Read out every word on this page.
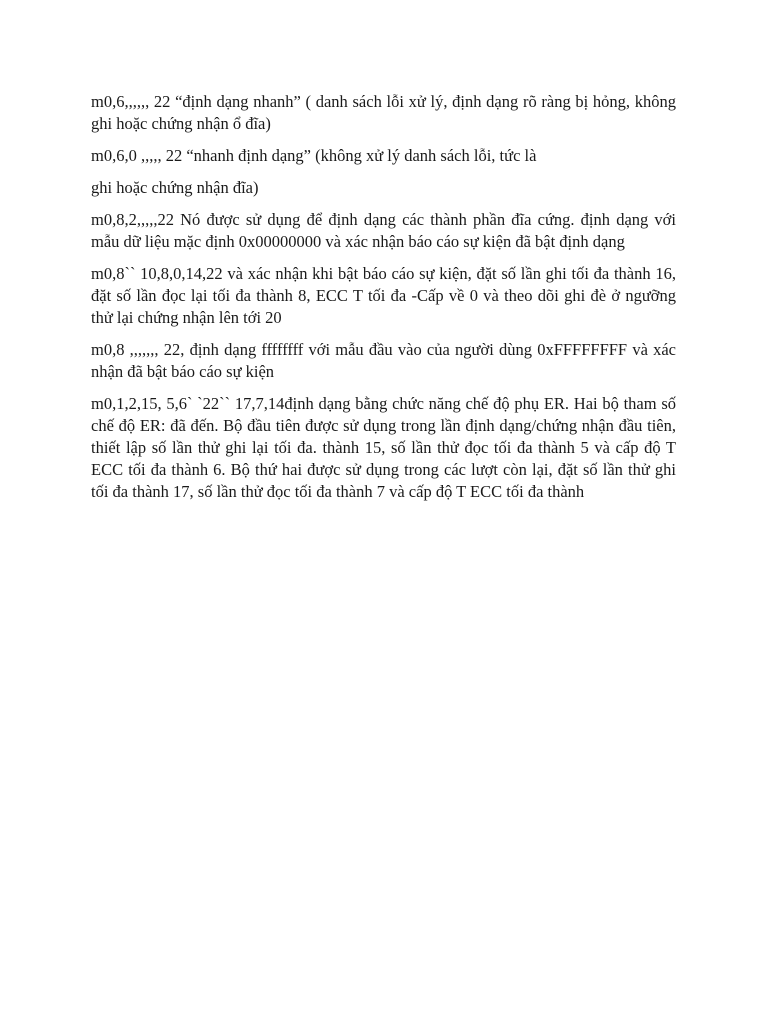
m0,6,,,,,, 22 “định dạng nhanh” ( danh sách lỗi xử lý, định dạng rõ ràng bị hỏng, không ghi hoặc chứng nhận ổ đĩa)

m0,6,0 ,,,,, 22 “nhanh định dạng” (không xử lý danh sách lỗi, tức là

ghi hoặc chứng nhận đĩa)

m0,8,2,,,,,22 Nó được sử dụng để định dạng các thành phần đĩa cứng. định dạng với mẫu dữ liệu mặc định 0x00000000 và xác nhận báo cáo sự kiện đã bật định dạng

m0,8`` 10,8,0,14,22 và xác nhận khi bật báo cáo sự kiện, đặt số lần ghi tối đa thành 16, đặt số lần đọc lại tối đa thành 8, ECC T tối đa -Cấp về 0 và theo dõi ghi đè ở ngưỡng thử lại chứng nhận lên tới 20

m0,8 ,,,,,,, 22, định dạng ffffffff với mẫu đầu vào của người dùng 0xFFFFFFFF và xác nhận đã bật báo cáo sự kiện

m0,1,2,15, 5,6` `22`` 17,7,14định dạng bằng chức năng chế độ phụ ER. Hai bộ tham số chế độ ER: đã đến. Bộ đầu tiên được sử dụng trong lần định dạng/chứng nhận đầu tiên, thiết lập số lần thử ghi lại tối đa. thành 15, số lần thử đọc tối đa thành 5 và cấp độ T ECC tối đa thành 6. Bộ thứ hai được sử dụng trong các lượt còn lại, đặt số lần thử ghi tối đa thành 17, số lần thử đọc tối đa thành 7 và cấp độ T ECC tối đa thành
